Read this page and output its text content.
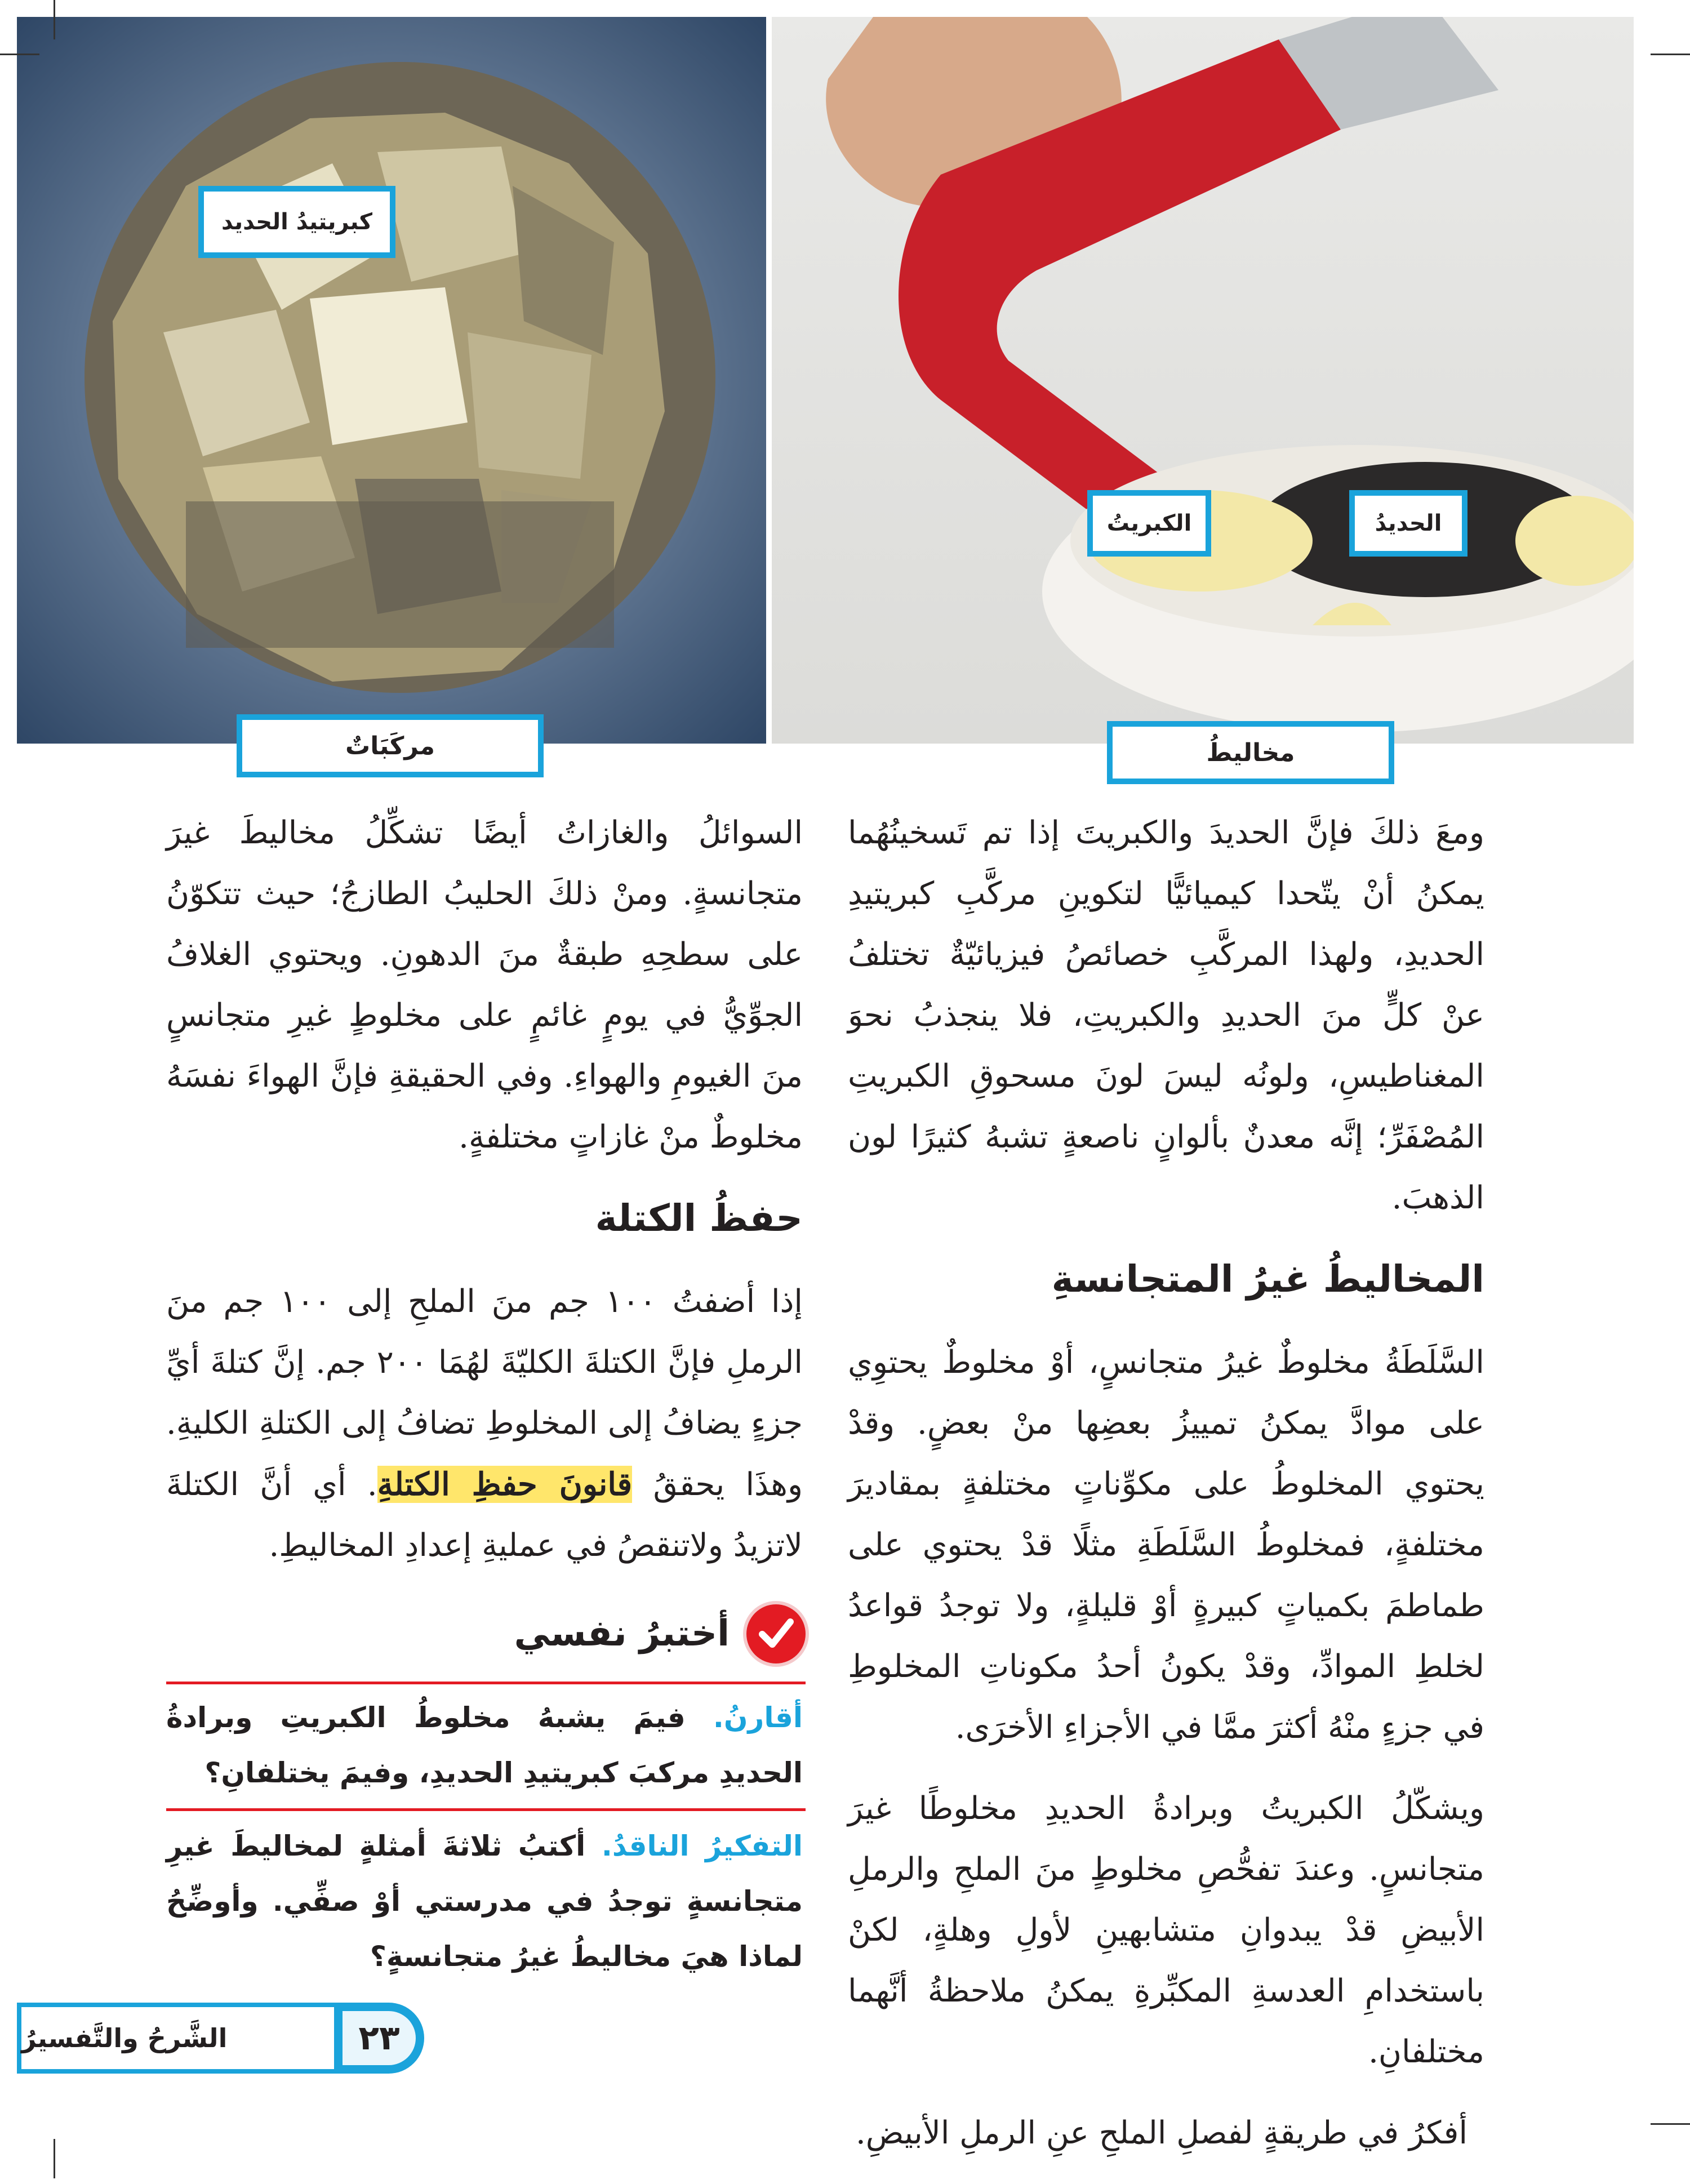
كبريتيدُ الحديد
الكبريتُ	الحديدُ
مركَبَاتٌ	مخاليطُ

ومعَ ذلكَ فإنَّ الحديدَ والكبريتَ إذا تم تَسخينُهُما يمكنُ أنْ يتّحدا كيميائيًّا لتكوينِ مركَّبِ كبريتيدِ الحديدِ، ولهذا المركَّبِ خصائصُ فيزيائيّةٌ تختلفُ عنْ كلٍّ منَ الحديدِ والكبريتِ، فلا ينجذبُ نحوَ المغناطيسِ، ولونُه ليسَ لونَ مسحوقِ الكبريتِ المُصْفَرِّ؛ إنَّه معدنٌ بألوانٍ ناصعةٍ تشبهُ كثيرًا لون الذهبَ.

المخاليطُ غيرُ المتجانسةِ

السَّلَطَةُ مخلوطٌ غيرُ متجانسٍ، أوْ مخلوطٌ يحتوِي على موادَّ يمكنُ تمييزُ بعضِها منْ بعضٍ. وقدْ يحتوي المخلوطُ على مكوِّناتٍ مختلفةٍ بمقاديرَ مختلفةٍ، فمخلوطُ السَّلَطَةِ مثلًا قدْ يحتوي على طماطمَ بكمياتٍ كبيرةٍ أوْ قليلةٍ، ولا توجدُ قواعدُ لخلطِ الموادِّ، وقدْ يكونُ أحدُ مكوناتِ المخلوطِ في جزءٍ منْهُ أكثرَ ممَّا في الأجزاءِ الأخرَى.

ويشكّلُ الكبريتُ وبرادةُ الحديدِ مخلوطًا غيرَ متجانسٍ. وعندَ تفحُّصِ مخلوطٍ منَ الملحِ والرملِ الأبيضِ قدْ يبدوانِ متشابهينِ لأولِ وهلةٍ، لكنْ باستخدامِ العدسةِ المكبِّرةِ يمكنُ ملاحظةُ أنَّهما مختلفانِ.

أفكرُ في طريقةٍ لفصلِ الملحِ عنِ الرملِ الأبيضِ.

السوائلُ والغازاتُ أيضًا تشكِّلُ مخاليطَ غيرَ متجانسةٍ. ومنْ ذلكَ الحليبُ الطازجُ؛ حيث تتكوّنُ على سطحِهِ طبقةٌ منَ الدهونِ. ويحتوي الغلافُ الجوِّيُّ في يومٍ غائمٍ على مخلوطٍ غيرِ متجانسٍ منَ الغيومِ والهواءِ. وفي الحقيقةِ فإنَّ الهواءَ نفسَهُ مخلوطٌ منْ غازاتٍ مختلفةٍ.

حفظُ الكتلة

إذا أضفتُ ١٠٠ جم منَ الملحِ إلى ١٠٠ جم منَ الرملِ فإنَّ الكتلةَ الكليّةَ لهُمَا ٢٠٠ جم. إنَّ كتلةَ أيِّ جزءٍ يضافُ إلى المخلوطِ تضافُ إلى الكتلةِ الكليةِ. وهذَا يحققُ قانونَ حفظِ الكتلةِ. أي أنَّ الكتلةَ لاتزيدُ ولاتنقصُ في عمليةِ إعدادِ المخاليطِ.

أختبرُ نفسي
أقارنُ. فيمَ يشبهُ مخلوطُ الكبريتِ وبرادةُ الحديدِ مركبَ كبريتيدِ الحديدِ، وفيمَ يختلفانِ؟
التفكيرُ الناقدُ. أكتبُ ثلاثةَ أمثلةٍ لمخاليطَ غيرِ متجانسةٍ توجدُ في مدرستي أوْ صفِّي. وأوضِّحُ لماذا هيَ مخاليطُ غيرُ متجانسةٍ؟
الشَّرحُ والتَّفسيرُ	٢٣
